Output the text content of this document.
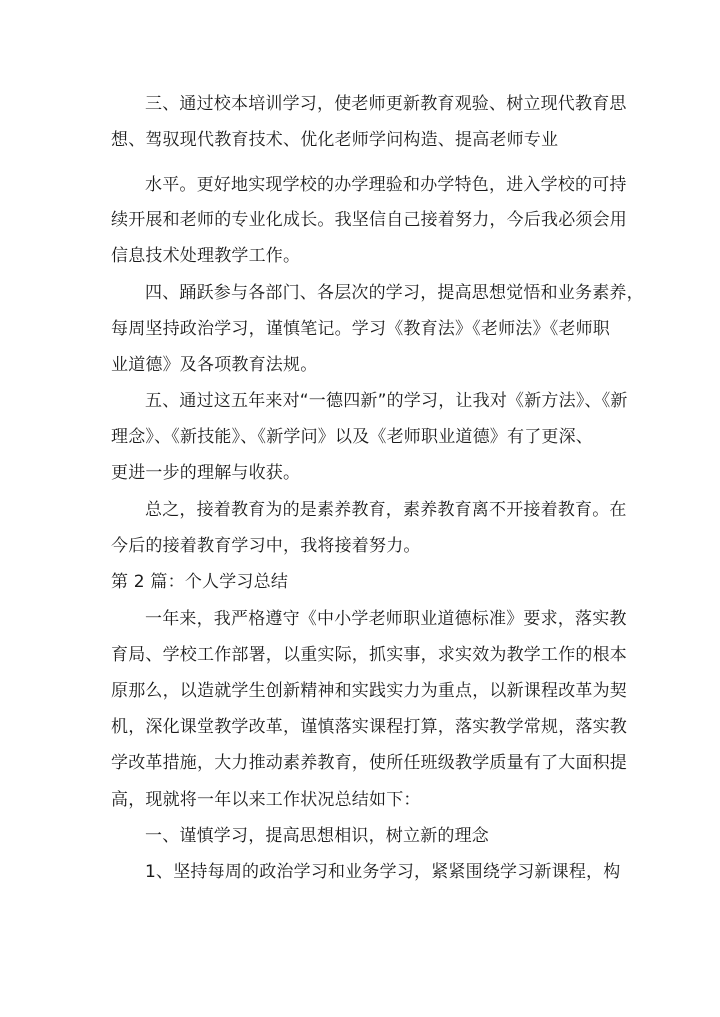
三、通过校本培训学习，使老师更新教育观验、树立现代教育思
想、驾驭现代教育技术、优化老师学问构造、提高老师专业
水平。更好地实现学校的办学理验和办学特色，进入学校的可持
续开展和老师的专业化成长。我坚信自己接着努力，今后我必须会用
信息技术处理教学工作。
四、踊跃参与各部门、各层次的学习，提高思想觉悟和业务素养，
每周坚持政治学习，谨慎笔记。学习《教育法》《老师法》《老师职
业道德》及各项教育法规。
五、通过这五年来对“一德四新”的学习，让我对《新方法》、《新
理念》、《新技能》、《新学问》以及《老师职业道德》有了更深、
更进一步的理解与收获。
总之，接着教育为的是素养教育，素养教育离不开接着教育。在
今后的接着教育学习中，我将接着努力。
第 2 篇：个人学习总结
一年来，我严格遵守《中小学老师职业道德标准》要求，落实教
育局、学校工作部署，以重实际，抓实事，求实效为教学工作的根本
原那么，以造就学生创新精神和实践实力为重点，以新课程改革为契
机，深化课堂教学改革，谨慎落实课程打算，落实教学常规，落实教
学改革措施，大力推动素养教育，使所任班级教学质量有了大面积提
高，现就将一年以来工作状况总结如下：
一、谨慎学习，提高思想相识，树立新的理念
1、坚持每周的政治学习和业务学习，紧紧围绕学习新课程，构
